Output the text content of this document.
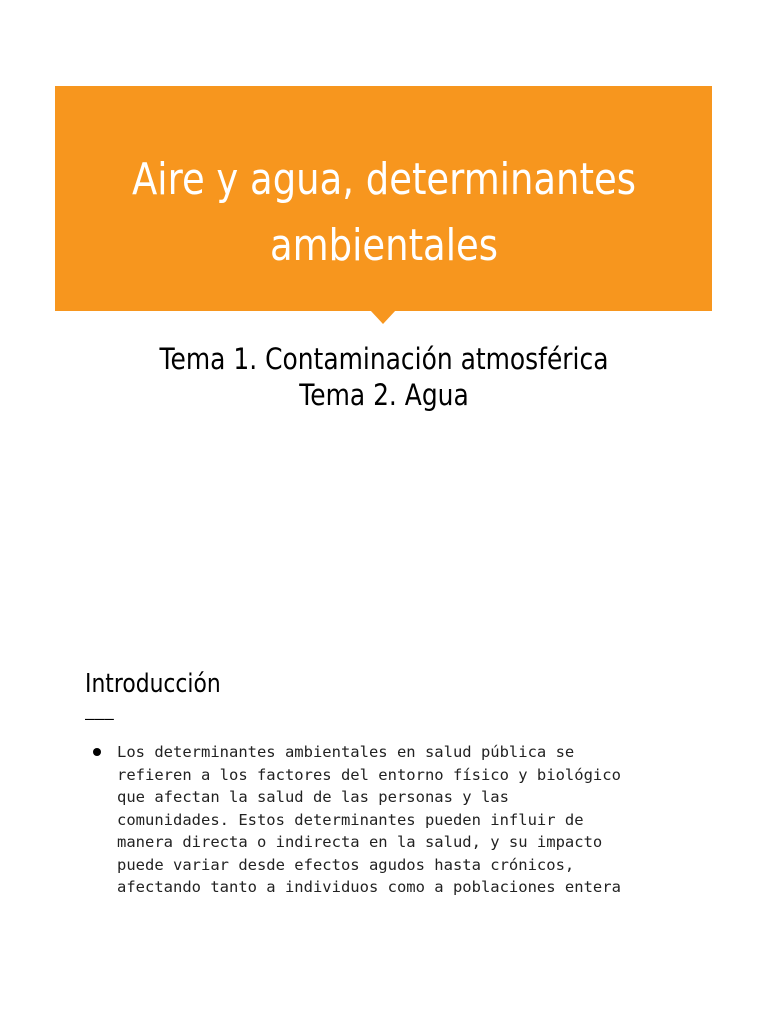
Aire y agua, determinantes
ambientales
Tema 1. Contaminación atmosférica
Tema 2. Agua
Introducción
———
Los determinantes ambientales en salud pública se
refieren a los factores del entorno físico y biológico
que afectan la salud de las personas y las
comunidades. Estos determinantes pueden influir de
manera directa o indirecta en la salud, y su impacto
puede variar desde efectos agudos hasta crónicos,
afectando tanto a individuos como a poblaciones entera
